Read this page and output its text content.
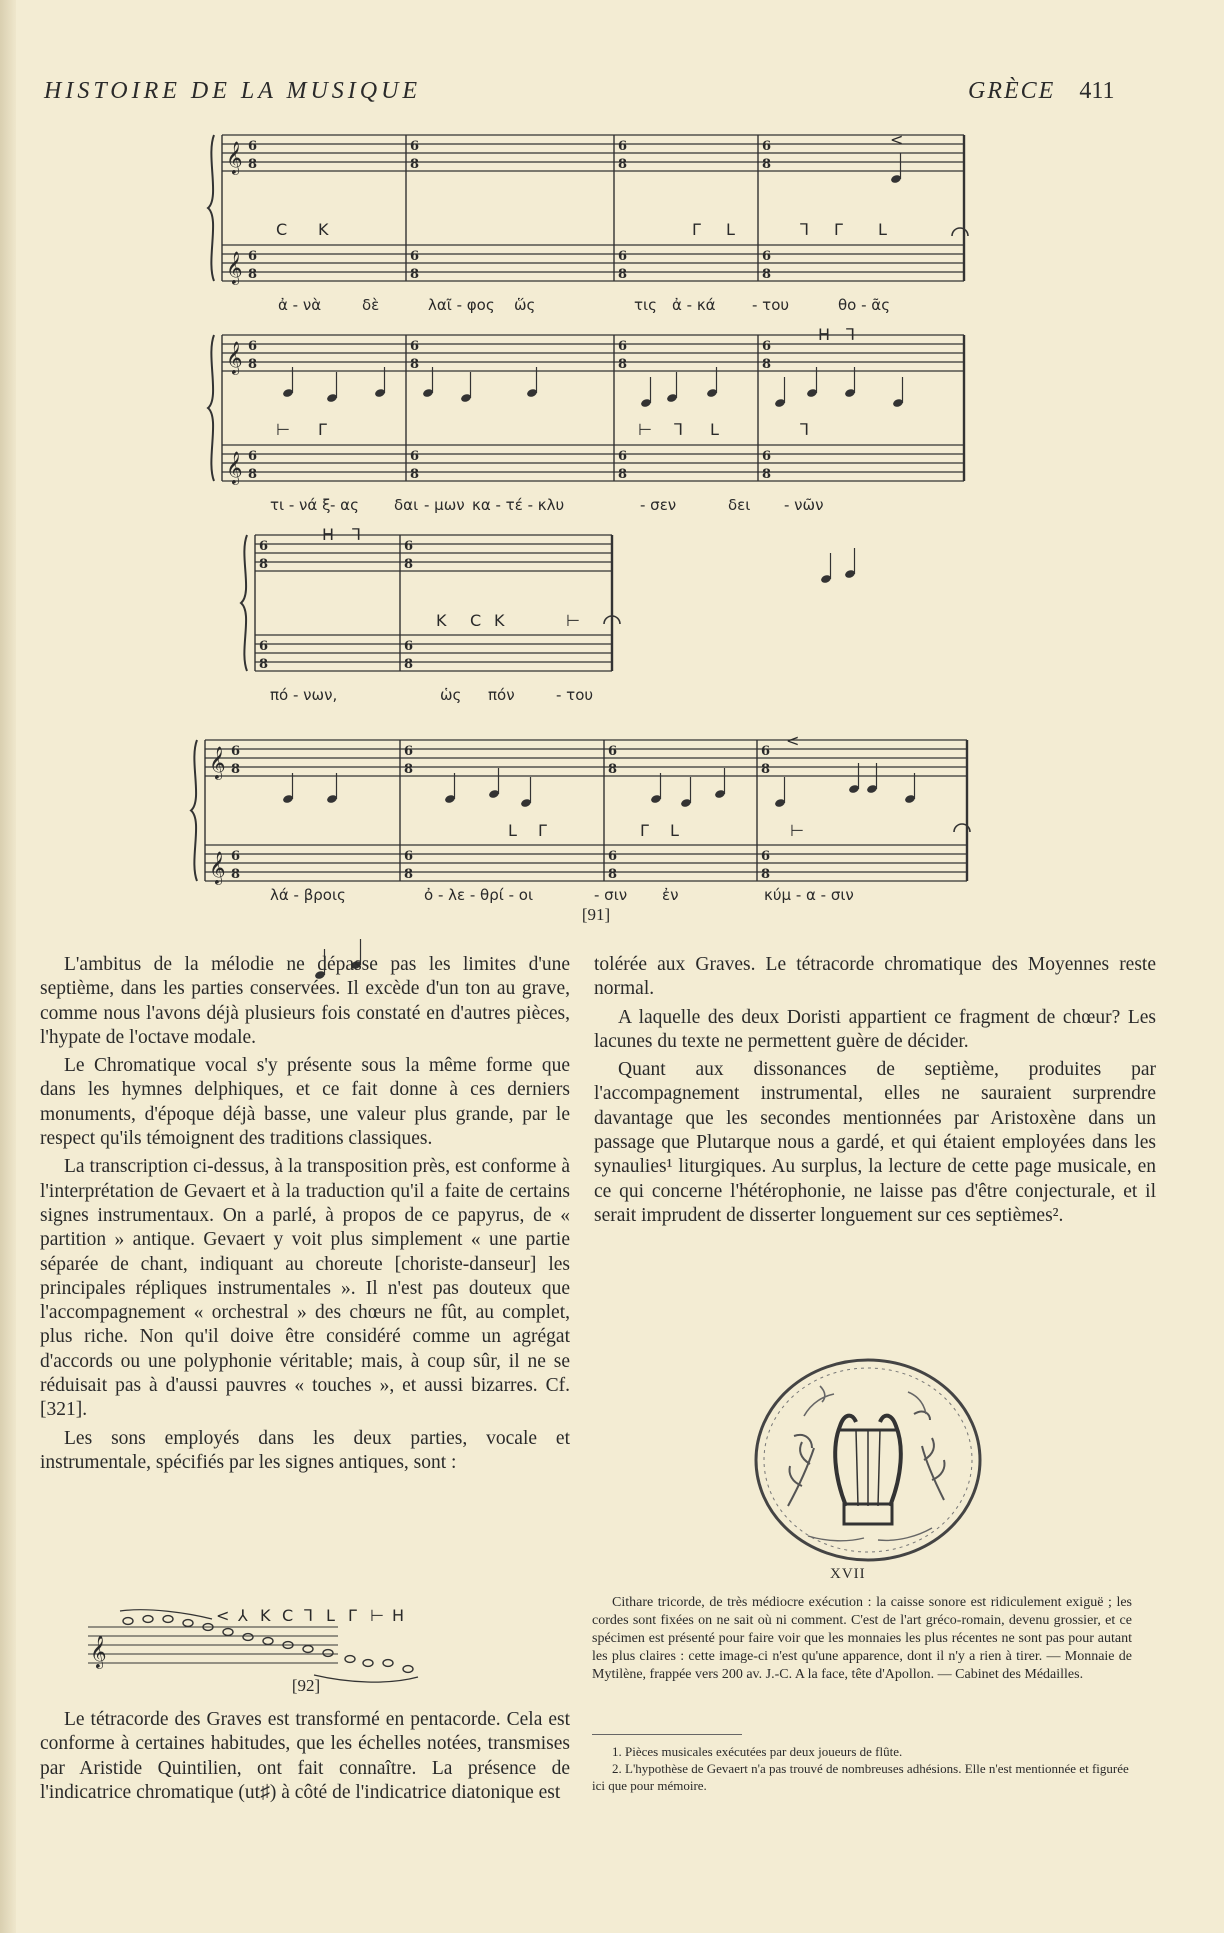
HISTOIRE DE LA MUSIQUE	GRÈCE 411
𝄞
𝄞
6
8
6
8
6
8
6
8
6
8
6
8
6
8
6
8
<
C K	Γ L	⅂ Γ L
ἀ - νὰ	δὲ	λαῖ - φος ὥς	τις ἀ - κά - του	θο - ᾶς
𝄞
𝄞
6
8
6
8
6
8
6
8
6
8
6
8
6
8
6
8
H ⅂
⊢ Γ	⊢ ⅂ L	⅂
τι - νά ξ - ας δαι - μων κα - τέ - κλυ	- σεν	δει - νῶν
6
8
6
8
6
8
6
8
H ⅂
K C K	⊢
πό - νων,	ὡς πόν	- του
𝄞
𝄞
6
8
6
8
6
8
6
8
6
8
6
8
6
8
6
8
<
L Γ	Γ L	⊢
λά - βροις	ὀ - λε - θρί - οι	- σιν ἐν	κύμ - α - σιν
[91]

L'ambitus de la mélodie ne dépasse pas les limites d'une septième, dans les parties conservées. Il excède d'un ton au grave, comme nous l'avons déjà plusieurs fois constaté en d'autres pièces, l'hypate de l'octave modale.

Le Chromatique vocal s'y présente sous la même forme que dans les hymnes delphiques, et ce fait donne à ces derniers monuments, d'époque déjà basse, une valeur plus grande, par le respect qu'ils témoignent des traditions classiques.

La transcription ci-dessus, à la transposition près, est conforme à l'interprétation de Gevaert et à la traduction qu'il a faite de certains signes instrumentaux. On a parlé, à propos de ce papyrus, de « partition » antique. Gevaert y voit plus simplement « une partie séparée de chant, indiquant au choreute [choriste-danseur] les principales répliques instrumentales ». Il n'est pas douteux que l'accompagnement « orchestral » des chœurs ne fût, au complet, plus riche. Non qu'il doive être considéré comme un agrégat d'accords ou une polyphonie véritable; mais, à coup sûr, il ne se réduisait pas à d'aussi pauvres « touches », et aussi bizarres. Cf. [321].

Les sons employés dans les deux parties, vocale et instrumentale, spécifiés par les signes antiques, sont :

𝄞
< ⅄ K C ⅂ L Γ ⊢ H
[92]

Le tétracorde des Graves est transformé en pentacorde. Cela est conforme à certaines habitudes, que les échelles notées, transmises par Aristide Quintilien, ont fait connaître. La présence de l'indicatrice chromatique (ut♯) à côté de l'indicatrice diatonique est

tolérée aux Graves. Le tétracorde chromatique des Moyennes reste normal.

A laquelle des deux Doristi appartient ce fragment de chœur? Les lacunes du texte ne permettent guère de décider.

Quant aux dissonances de septième, produites par l'accompagnement instrumental, elles ne sauraient surprendre davantage que les secondes mentionnées par Aristoxène dans un passage que Plutarque nous a gardé, et qui étaient employées dans les synaulies¹ liturgiques. Au surplus, la lecture de cette page musicale, en ce qui concerne l'hétérophonie, ne laisse pas d'être conjecturale, et il serait imprudent de disserter longuement sur ces septièmes².

XVII
Cithare tricorde, de très médiocre exécution : la caisse sonore est ridiculement exiguë ; les cordes sont fixées on ne sait où ni comment. C'est de l'art gréco-romain, devenu grossier, et ce spécimen est présenté pour faire voir que les monnaies les plus récentes ne sont pas pour autant les plus claires : cette image-ci n'est qu'une apparence, dont il n'y a rien à tirer. — Monnaie de Mytilène, frappée vers 200 av. J.-C. A la face, tête d'Apollon. — Cabinet des Médailles.
1. Pièces musicales exécutées par deux joueurs de flûte.
2. L'hypothèse de Gevaert n'a pas trouvé de nombreuses adhésions. Elle n'est mentionnée et figurée ici que pour mémoire.
